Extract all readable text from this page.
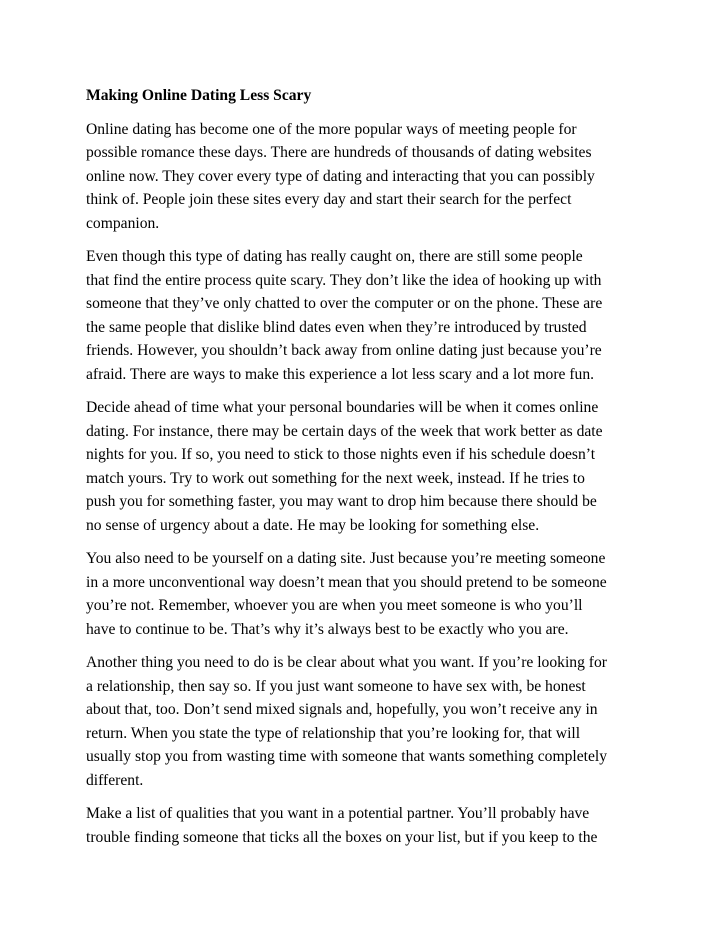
Making Online Dating Less Scary
Online dating has become one of the more popular ways of meeting people for
possible romance these days. There are hundreds of thousands of dating websites
online now. They cover every type of dating and interacting that you can possibly
think of. People join these sites every day and start their search for the perfect
companion.
Even though this type of dating has really caught on, there are still some people
that find the entire process quite scary. They don’t like the idea of hooking up with
someone that they’ve only chatted to over the computer or on the phone. These are
the same people that dislike blind dates even when they’re introduced by trusted
friends. However, you shouldn’t back away from online dating just because you’re
afraid. There are ways to make this experience a lot less scary and a lot more fun.
Decide ahead of time what your personal boundaries will be when it comes online
dating. For instance, there may be certain days of the week that work better as date
nights for you. If so, you need to stick to those nights even if his schedule doesn’t
match yours. Try to work out something for the next week, instead. If he tries to
push you for something faster, you may want to drop him because there should be
no sense of urgency about a date. He may be looking for something else.
You also need to be yourself on a dating site. Just because you’re meeting someone
in a more unconventional way doesn’t mean that you should pretend to be someone
you’re not. Remember, whoever you are when you meet someone is who you’ll
have to continue to be. That’s why it’s always best to be exactly who you are.
Another thing you need to do is be clear about what you want. If you’re looking for
a relationship, then say so. If you just want someone to have sex with, be honest
about that, too. Don’t send mixed signals and, hopefully, you won’t receive any in
return. When you state the type of relationship that you’re looking for, that will
usually stop you from wasting time with someone that wants something completely
different.
Make a list of qualities that you want in a potential partner. You’ll probably have
trouble finding someone that ticks all the boxes on your list, but if you keep to the
